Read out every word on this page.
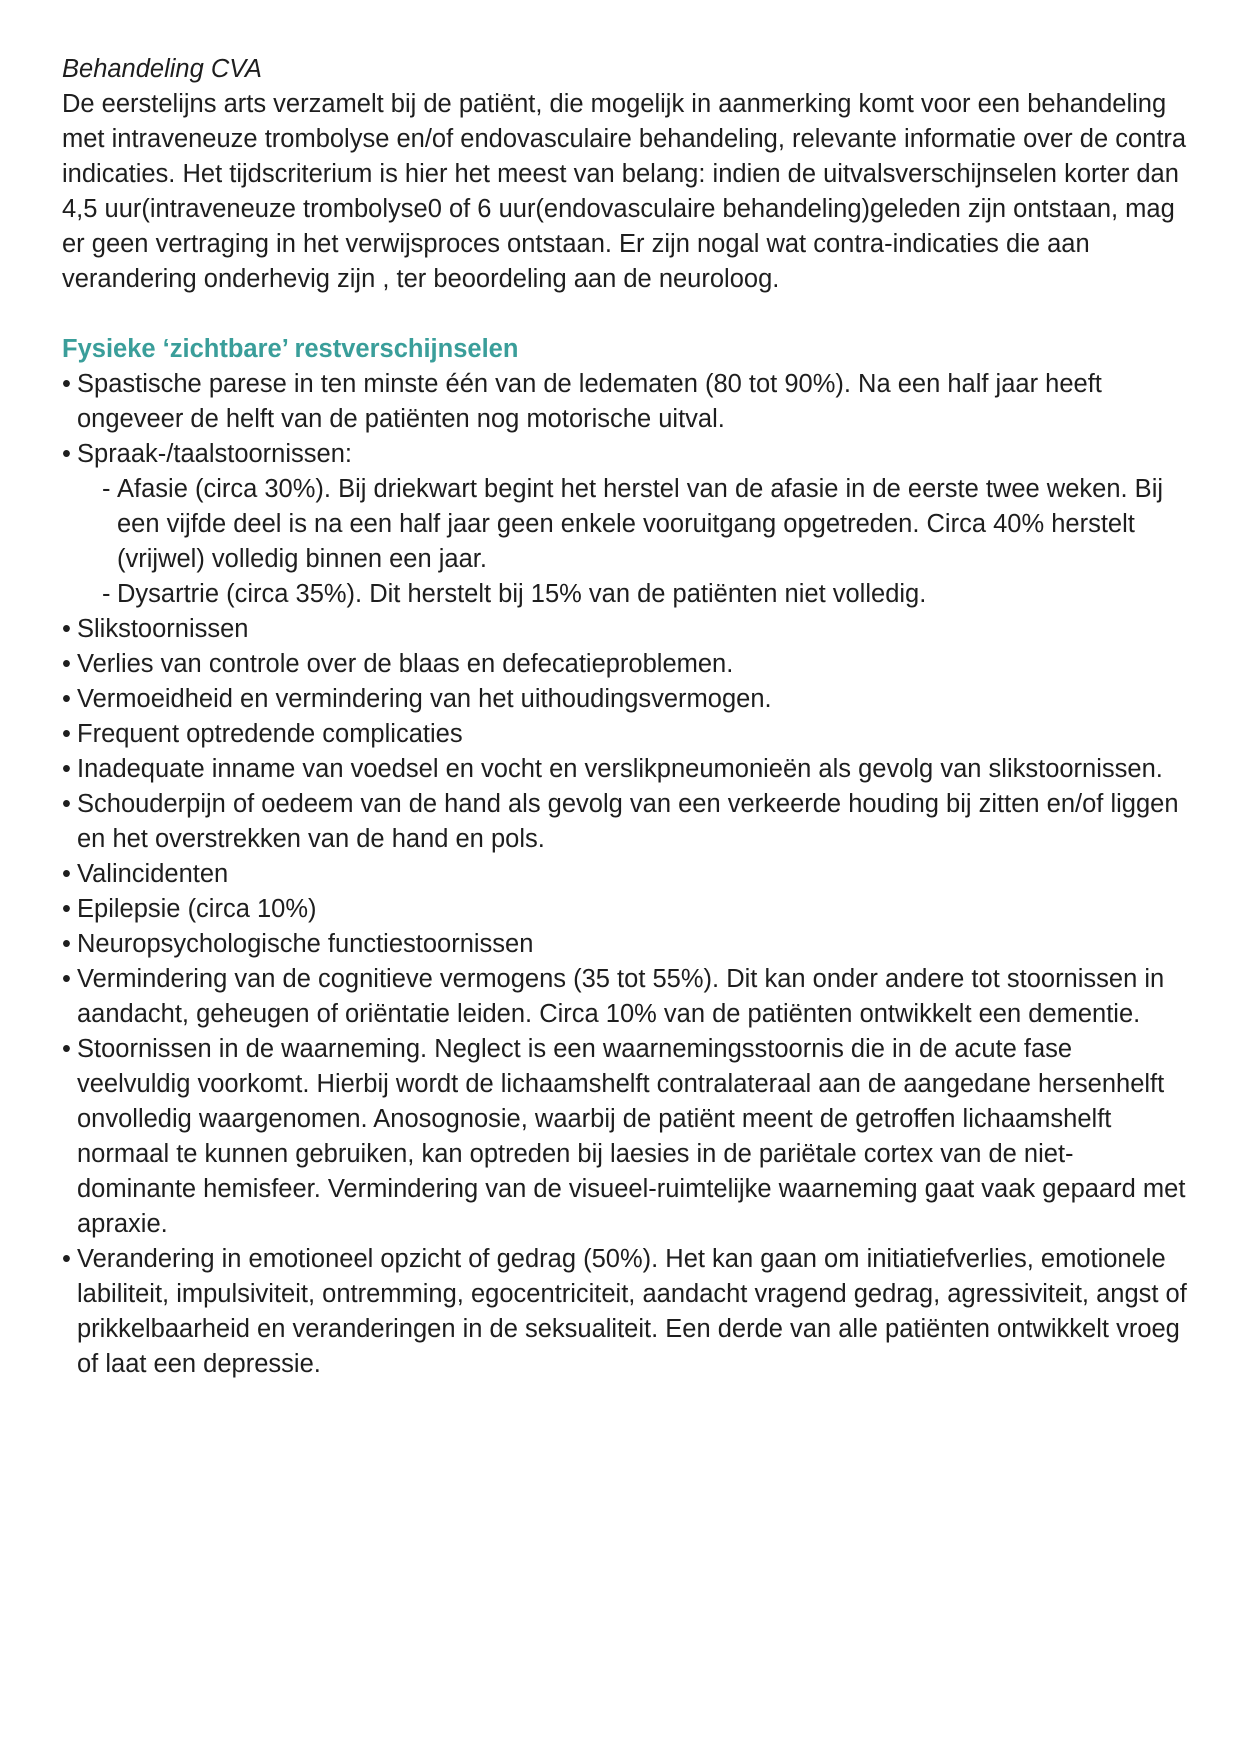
Behandeling CVA

De eerstelijns arts verzamelt bij de patiënt, die mogelijk in aanmerking komt voor een behandeling met intraveneuze trombolyse en/of endovasculaire behandeling, relevante informatie over de contra indicaties. Het tijdscriterium is hier het meest van belang: indien de uitvalsverschijnselen korter dan 4,5 uur(intraveneuze trombolyse0 of 6 uur(endovasculaire behandeling)geleden zijn ontstaan, mag er geen vertraging in het verwijsproces ontstaan. Er zijn nogal wat contra-indicaties die aan verandering onderhevig zijn , ter beoordeling aan de neuroloog.

Fysieke ‘zichtbare’ restverschijnselen

• Spastische parese in ten minste één van de ledematen (80 tot 90%). Na een half jaar heeft ongeveer de helft van de patiënten nog motorische uitval.
• Spraak-/taalstoornissen:
- Afasie (circa 30%). Bij driekwart begint het herstel van de afasie in de eerste twee weken. Bij een vijfde deel is na een half jaar geen enkele vooruitgang opgetreden. Circa 40% herstelt (vrijwel) volledig binnen een jaar.
- Dysartrie (circa 35%). Dit herstelt bij 15% van de patiënten niet volledig.
• Slikstoornissen
• Verlies van controle over de blaas en defecatieproblemen.
• Vermoeidheid en vermindering van het uithoudingsvermogen.
• Frequent optredende complicaties
• Inadequate inname van voedsel en vocht en verslikpneumonieën als gevolg van slikstoornissen.
• Schouderpijn of oedeem van de hand als gevolg van een verkeerde houding bij zitten en/of liggen en het overstrekken van de hand en pols.
• Valincidenten
• Epilepsie (circa 10%)
• Neuropsychologische functiestoornissen
• Vermindering van de cognitieve vermogens (35 tot 55%). Dit kan onder andere tot stoornissen in aandacht, geheugen of oriëntatie leiden. Circa 10% van de patiënten ontwikkelt een dementie.
• Stoornissen in de waarneming. Neglect is een waarnemingsstoornis die in de acute fase veelvuldig voorkomt. Hierbij wordt de lichaamshelft contralateraal aan de aangedane hersenhelft onvolledig waargenomen. Anosognosie, waarbij de patiënt meent de getroffen lichaamshelft normaal te kunnen gebruiken, kan optreden bij laesies in de pariëtale cortex van de niet-dominante hemisfeer. Vermindering van de visueel-ruimtelijke waarneming gaat vaak gepaard met apraxie.
• Verandering in emotioneel opzicht of gedrag (50%). Het kan gaan om initiatiefverlies, emotionele labiliteit, impulsiviteit, ontremming, egocentriciteit, aandacht vragend gedrag, agressiviteit, angst of prikkelbaarheid en veranderingen in de seksualiteit. Een derde van alle patiënten ontwikkelt vroeg of laat een depressie.
